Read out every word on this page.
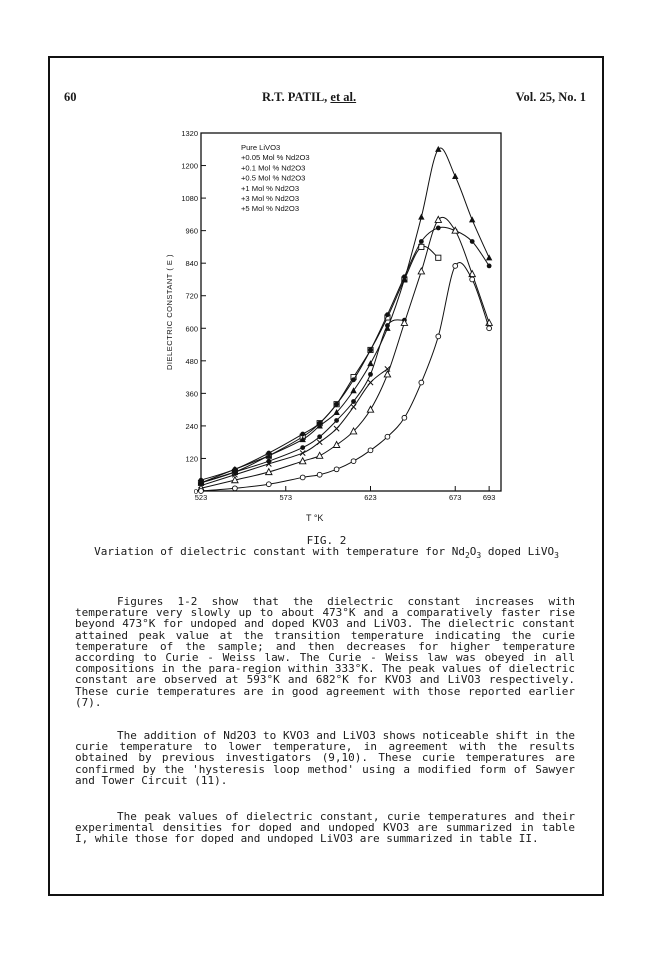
60	R.T. PATIL, et al.	Vol. 25, No. 1
0
120
240
360
480
600
720
840
960
1080
1200
1320
523	573	623	673	693
DIELECTRIC CONSTANT ( E )
Pure LiVO3
+0.05 Mol % Nd2O3
+0.1 Mol % Nd2O3
+0.5 Mol % Nd2O3
+1 Mol % Nd2O3
+3 Mol % Nd2O3
+5 Mol % Nd2O3
T °K
FIG. 2
Variation of dielectric constant with temperature for $Nd_2O_3$ doped LiVO$_3$

Figures 1-2 show that the dielectric constant increases with temperature very slowly up to about 473°K and a comparatively faster rise beyond 473°K for undoped and doped KVO3 and LiVO3. The dielectric constant attained peak value at the transition temperature indicating the curie temperature of the sample; and then decreases for higher temperature according to Curie - Weiss law. The Curie - Weiss law was obeyed in all compositions in the para-region within 333°K. The peak values of dielectric constant are observed at 593°K and 682°K for KVO3 and LiVO3 respectively. These curie temperatures are in good agreement with those reported earlier (7).

The addition of Nd2O3 to KVO3 and LiVO3 shows noticeable shift in the curie temperature to lower temperature, in agreement with the results obtained by previous investigators (9,10). These curie temperatures are confirmed by the 'hysteresis loop method' using a modified form of Sawyer and Tower Circuit (11).

The peak values of dielectric constant, curie temperatures and their experimental densities for doped and undoped KVO3 are summarized in table I, while those for doped and undoped LiVO3 are summarized in table II.
